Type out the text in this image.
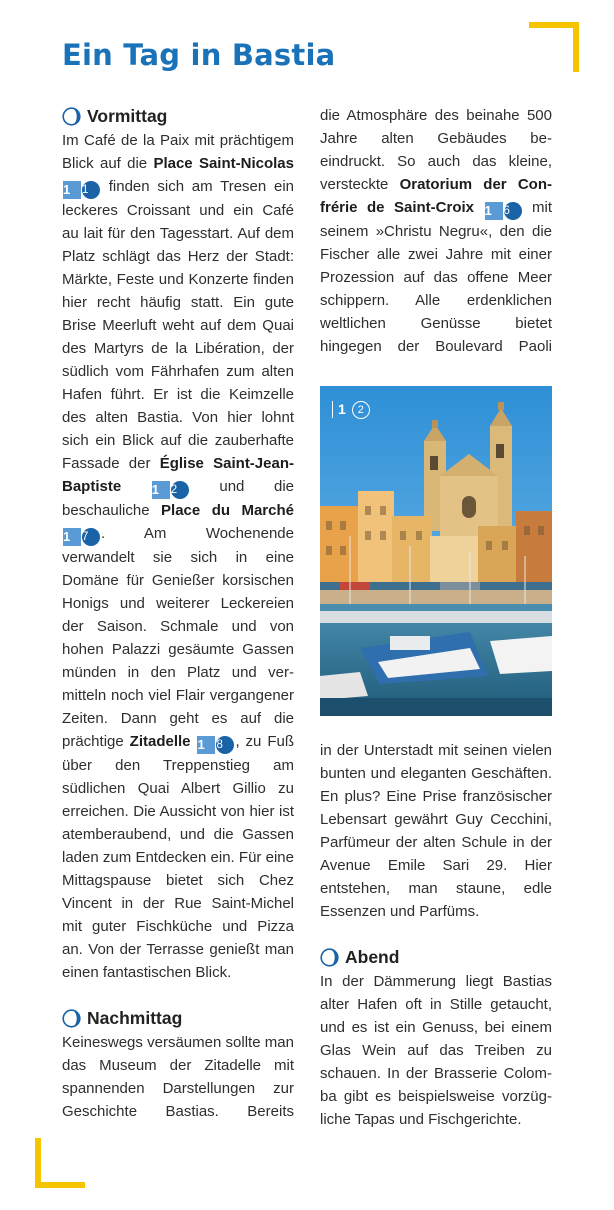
Ein Tag in Bastia
Vormittag

Im Café de la Paix mit prächtigem Blick auf die Place Saint-Nicolas
1	1 finden sich am Tresen ein leckeres Croissant und ein Café au lait für den Tagesstart. Auf dem Platz schlägt das Herz der Stadt: Märkte, Feste und Konzerte finden hier recht häufig statt. Ein gute Brise Meerluft weht auf dem Quai des Martyrs de la Libération, der südlich vom Fährhafen zum alten Hafen führt. Er ist die Keimzelle des alten Bastia. Von hier lohnt sich ein Blick auf die zauberhafte Fassade der Église Saint-Jean-Baptiste 1	2 und die beschauliche Place du Marché
1	7 . Am Wochenende verwandelt sie sich in eine Domäne für Genießer korsischen Honigs und weiterer Leckereien der Saison. Schmale und von hohen Palazzi gesäumte Gassen münden in den Platz und vermitteln noch viel Flair vergangener Zeiten. Dann geht es auf die prächtige Zitadelle 1	8 , zu Fuß über den Treppenstieg am südlichen Quai Albert Gillio zu erreichen. Die Aussicht von hier ist atemberaubend, und die Gassen laden zum Entdecken ein. Für eine Mittagspause bietet sich Chez Vincent in der Rue Saint-Michel mit guter Fischküche und Pizza an. Von der Terrasse genießt man einen fantastischen Blick.

Nachmittag

Keineswegs versäumen sollte man das Museum der Zitadelle mit spannenden Darstellungen zur Geschichte Bastias. Bereits

die Atmosphäre des beinahe 500 Jahre alten Gebäudes beeindruckt. So auch das kleine, versteckte Oratorium der Confrérie de Saint-Croix 1	6 mit seinem »Christu Negru«, den die Fischer alle zwei Jahre mit einer Prozession auf das offene Meer schippern. Alle erdenklichen weltlichen Genüsse bietet hingegen der Boulevard Paoli

1	2

in der Unterstadt mit seinen vielen bunten und eleganten Geschäften. En plus? Eine Prise französischer Lebensart gewährt Guy Cecchini, Parfümeur der alten Schule in der Avenue Emile Sari 29. Hier entstehen, man staune, edle Essenzen und Parfüms.

Abend

In der Dämmerung liegt Bastias alter Hafen oft in Stille getaucht, und es ist ein Genuss, bei einem Glas Wein auf das Treiben zu schauen. In der Brasserie Colomba gibt es beispielsweise vorzügliche Tapas und Fischgerichte.
